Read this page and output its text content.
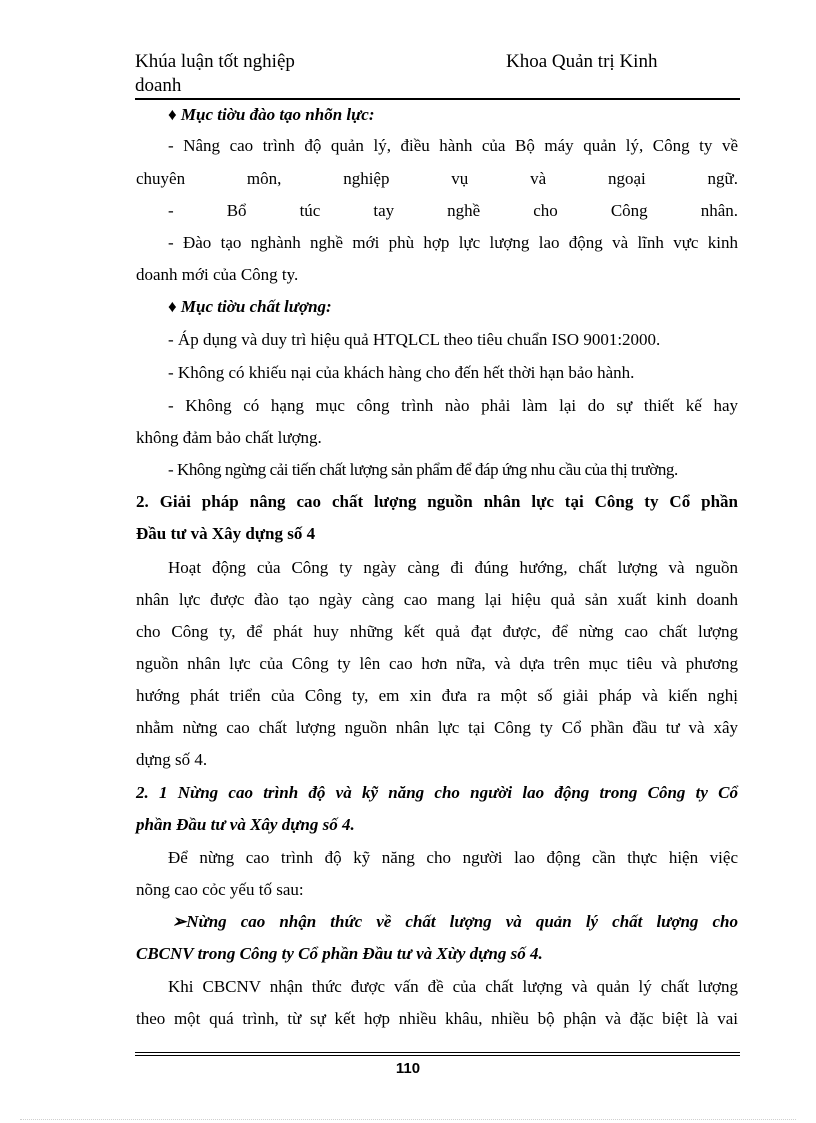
Khúa luận tốt nghiệp
doanh
Khoa Quản trị Kinh
♦ Mục tiờu đào tạo nhõn lực:
- Nâng cao trình độ quản lý, điều hành của Bộ máy quản lý, Công ty về
chuyên môn, nghiệp vụ và ngoại ngữ.
- Bổ túc tay nghề cho Công nhân.
- Đào tạo nghành nghề mới phù hợp lực lượng lao động và lĩnh vực kinh
doanh mới của Công ty.
♦ Mục tiờu chất lượng:
- Áp dụng và duy trì hiệu quả HTQLCL theo tiêu chuẩn ISO 9001:2000.
- Không có khiếu nại của khách hàng cho đến hết thời hạn bảo hành.
- Không có hạng mục công trình nào phải làm lại do sự thiết kế hay
không đảm bảo chất lượng.
- Không ngừng cải tiến chất lượng sản phẩm để đáp ứng nhu cầu của thị trường.
2. Giải pháp nâng cao chất lượng nguồn nhân lực tại Công ty Cổ phần
Đầu tư và Xây dựng số 4
Hoạt động của Công ty ngày càng đi đúng hướng, chất lượng và nguồn
nhân lực được đào tạo ngày càng cao mang lại hiệu quả sản xuất kinh doanh
cho Công ty, để phát huy những kết quả đạt được, để nừng cao chất lượng
nguồn nhân lực của Công ty lên cao hơn nữa, và dựa trên mục tiêu và phương
hướng phát triển của Công ty, em xin đưa ra một số giải pháp và kiến nghị
nhằm nừng cao chất lượng nguồn nhân lực tại Công ty Cổ phần đầu tư và xây
dựng số 4.
2. 1 Nừng cao trình độ và kỹ năng cho người lao động trong Công ty Cổ
phần Đầu tư và Xây dựng số 4.
Để nừng cao trình độ kỹ năng cho người lao động cần thực hiện việc
nõng cao cỏc yếu tố sau:
➢Nừng cao nhận thức về chất lượng và quản lý chất lượng cho
CBCNV trong Công ty Cổ phần Đầu tư và Xừy dựng số 4.
Khi CBCNV nhận thức được vấn đề của chất lượng và quản lý chất lượng
theo một quá trình, từ sự kết hợp nhiều khâu, nhiều bộ phận và đặc biệt là vai
110
